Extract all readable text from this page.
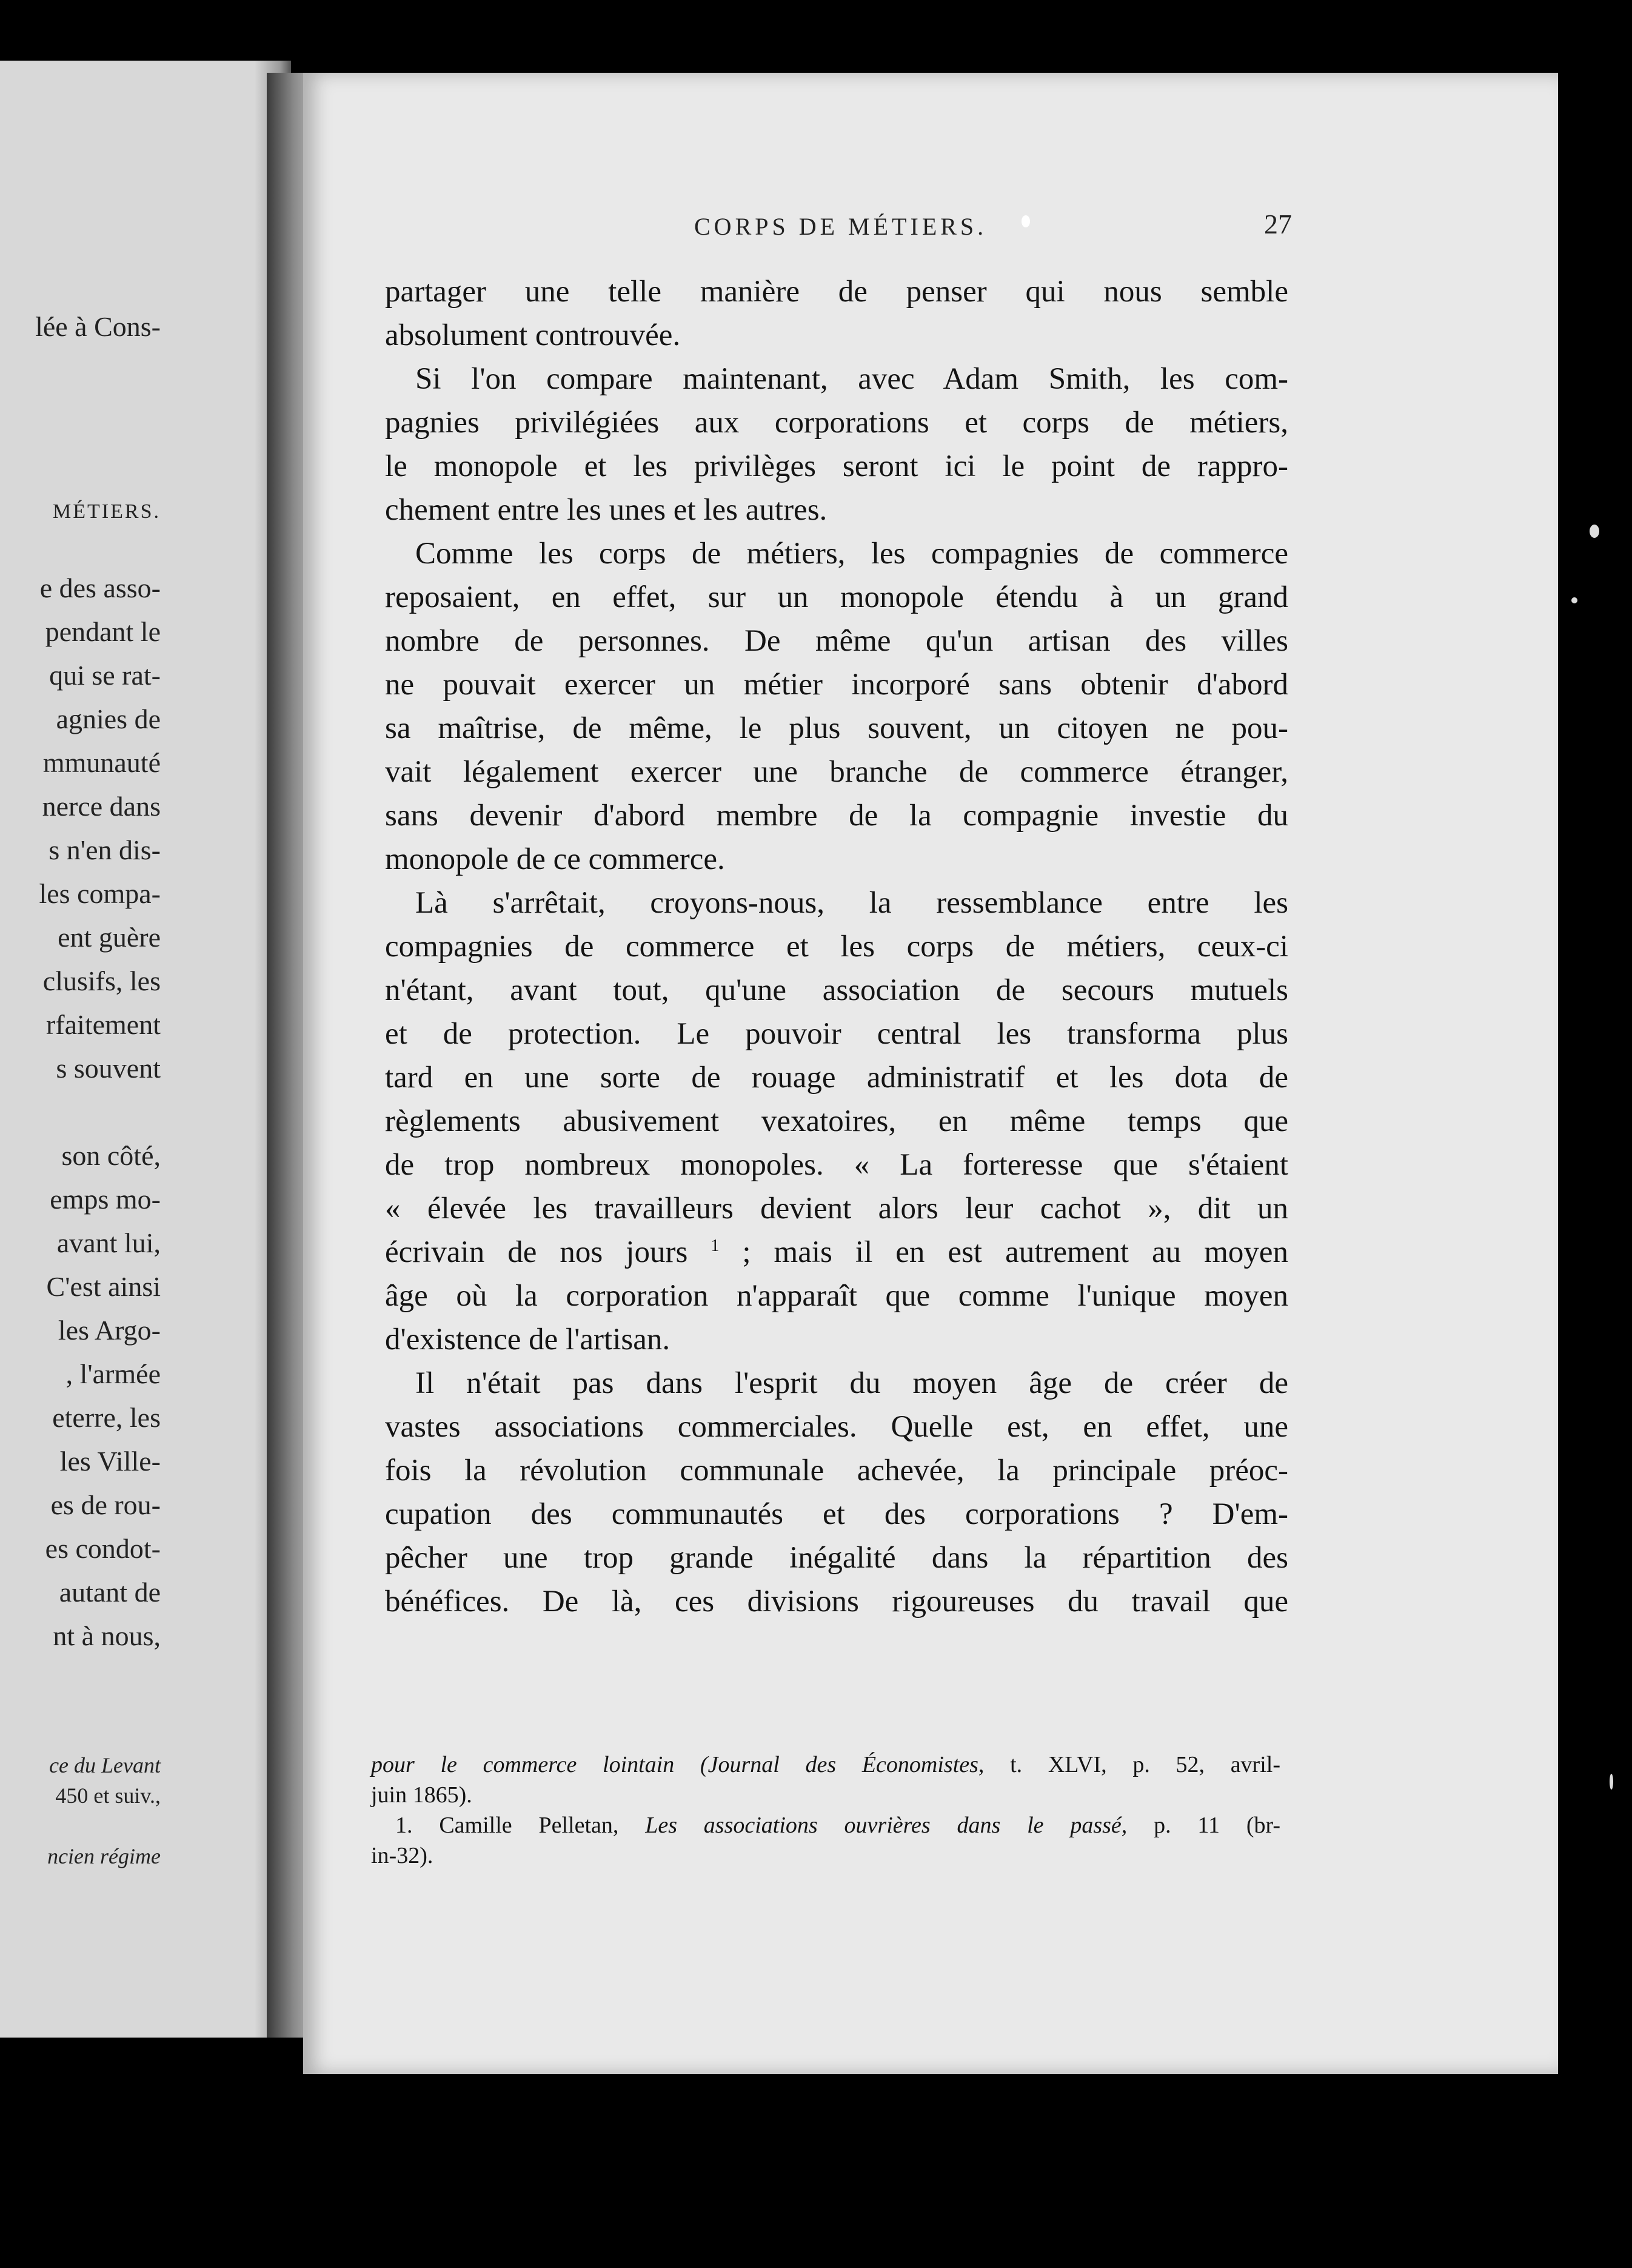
lée à Cons-
MÉTIERS.
e des asso-
pendant le
qui se rat-
agnies de
mmunauté
nerce dans
s n'en dis-
les compa-
ent guère
clusifs, les
rfaitement
s souvent
son côté,
emps mo-
avant lui,
C'est ainsi
les Argo-
, l'armée
eterre, les
les Ville-
es de rou-
es condot-
autant de
nt à nous,
ce du Levant
450 et suiv.,
ncien régime
CORPS DE MÉTIERS.	27
partager une telle manière de penser qui nous semble
absolument controuvée.
Si l'on compare maintenant, avec Adam Smith, les com-
pagnies privilégiées aux corporations et corps de métiers,
le monopole et les privilèges seront ici le point de rappro-
chement entre les unes et les autres.
Comme les corps de métiers, les compagnies de commerce
reposaient, en effet, sur un monopole étendu à un grand
nombre de personnes. De même qu'un artisan des villes
ne pouvait exercer un métier incorporé sans obtenir d'abord
sa maîtrise, de même, le plus souvent, un citoyen ne pou-
vait légalement exercer une branche de commerce étranger,
sans devenir d'abord membre de la compagnie investie du
monopole de ce commerce.
Là s'arrêtait, croyons-nous, la ressemblance entre les
compagnies de commerce et les corps de métiers, ceux-ci
n'étant, avant tout, qu'une association de secours mutuels
et de protection. Le pouvoir central les transforma plus
tard en une sorte de rouage administratif et les dota de
règlements abusivement vexatoires, en même temps que
de trop nombreux monopoles. « La forteresse que s'étaient
« élevée les travailleurs devient alors leur cachot », dit un
écrivain de nos jours $^1$ ; mais il en est autrement au moyen
âge où la corporation n'apparaît que comme l'unique moyen
d'existence de l'artisan.
Il n'était pas dans l'esprit du moyen âge de créer de
vastes associations commerciales. Quelle est, en effet, une
fois la révolution communale achevée, la principale préoc-
cupation des communautés et des corporations ? D'em-
pêcher une trop grande inégalité dans la répartition des
bénéfices. De là, ces divisions rigoureuses du travail que
pour le commerce lointain (Journal des Économistes, t. XLVI, p. 52, avril-
juin 1865).
1. Camille Pelletan, Les associations ouvrières dans le passé, p. 11 (br-
in-32).
